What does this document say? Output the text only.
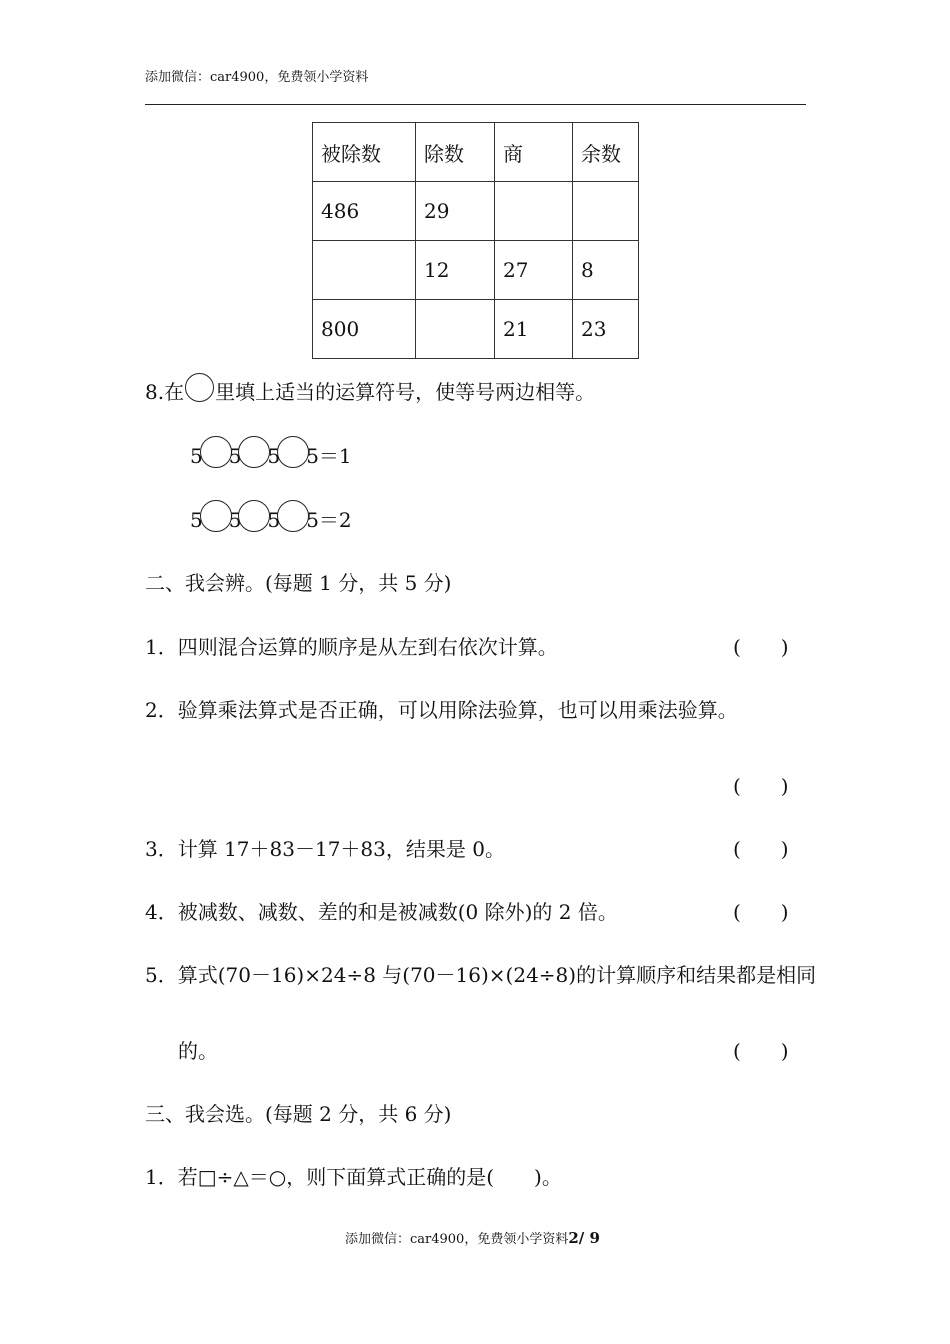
添加微信：car4900，免费领小学资料
被除数	除数	商	余数
486	29		
	12	27	8
800		21	23
8.在 里填上适当的运算符号，使等号两边相等。
5 5 5 5＝1
5 5 5 5＝2
二、我会辨。(每题 1 分，共 5 分)
1．四则混合运算的顺序是从左到右依次计算。	(　　)
2．验算乘法算式是否正确，可以用除法验算，也可以用乘法验算。
(　　)
3．计算 17＋83－17＋83，结果是 0。	(　　)
4．被减数、减数、差的和是被减数(0 除外)的 2 倍。	(　　)
5．算式(70－16)×24÷8 与(70－16)×(24÷8)的计算顺序和结果都是相同
的。	(　　)
三、我会选。(每题 2 分，共 6 分)
1．若□÷△＝○，则下面算式正确的是(　　)。
添加微信：car4900，免费领小学资料2/ 9
